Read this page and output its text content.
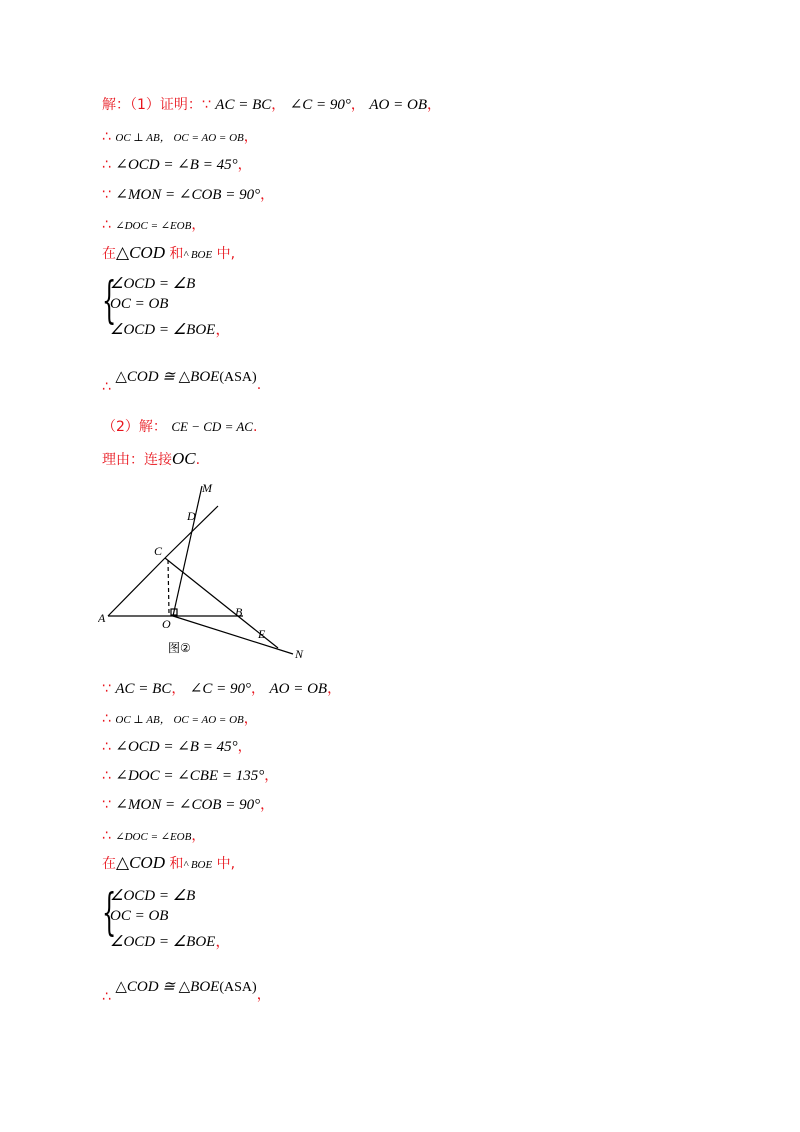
解：（1）证明：∵ AC = BC， ∠C = 90°， AO = OB，
∴ OC ⊥ AB， OC = AO = OB，
∴ ∠OCD = ∠B = 45°，
∵ ∠MON = ∠COB = 90°，
∴ ∠DOC = ∠EOB，
在△COD 和^ BOE 中,
{
∠OCD = ∠B
OC = OB
∠OCD = ∠BOE，
∴ △COD ≅ △BOE(ASA).
（2）解： CE − CD = AC.
理由：连接OC.
M
D
C
A	O
B
E
N
图②
∵ AC = BC， ∠C = 90°， AO = OB，
∴ OC ⊥ AB， OC = AO = OB，
∴ ∠OCD = ∠B = 45°，
∴ ∠DOC = ∠CBE = 135°，
∵ ∠MON = ∠COB = 90°，
∴ ∠DOC = ∠EOB，
在△COD 和^ BOE 中,
{
∠OCD = ∠B
OC = OB
∠OCD = ∠BOE，
∴ △COD ≅ △BOE(ASA)，
